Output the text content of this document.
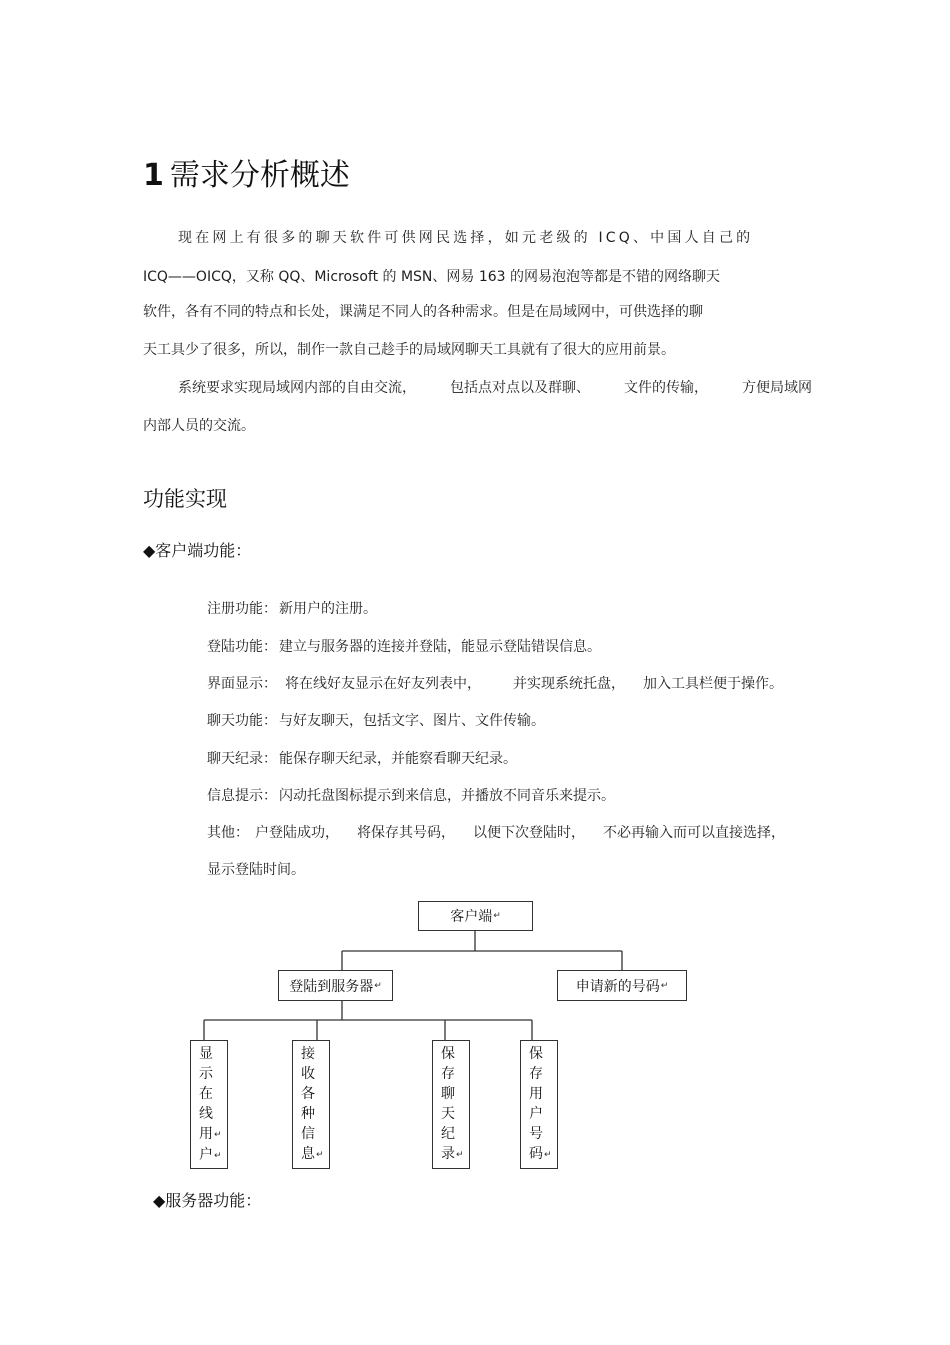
1 需求分析概述
现在网上有很多的聊天软件可供网民选择，如元老级的 ICQ、中国人自己的
ICQ——OICQ，又称 QQ、Microsoft 的 MSN、网易 163 的网易泡泡等都是不错的网络聊天
软件，各有不同的特点和长处，课满足不同人的各种需求。但是在局域网中，可供选择的聊
天工具少了很多，所以，制作一款自己趁手的局域网聊天工具就有了很大的应用前景。
系统要求实现局域网内部的自由交流， 包括点对点以及群聊、 文件的传输， 方便局域网
内部人员的交流。
功能实现
◆客户端功能：
注册功能： 新用户的注册。
登陆功能： 建立与服务器的连接并登陆，能显示登陆错误信息。
界面显示： 将在线好友显示在好友列表中， 并实现系统托盘， 加入工具栏便于操作。
聊天功能： 与好友聊天，包括文字、图片、文件传输。
聊天纪录： 能保存聊天纪录，并能察看聊天纪录。
信息提示： 闪动托盘图标提示到来信息，并播放不同音乐来提示。
其他： 户登陆成功， 将保存其号码， 以便下次登陆时， 不必再输入而可以直接选择，
显示登陆时间。
客户端 ↵
登陆到服务器 ↵	申请新的号码 ↵
显
示
在
线
用↵
户↵
接
收
各
种
信
息↵
保
存
聊
天
纪
录↵
保
存
用
户
号
码↵
◆服务器功能：
